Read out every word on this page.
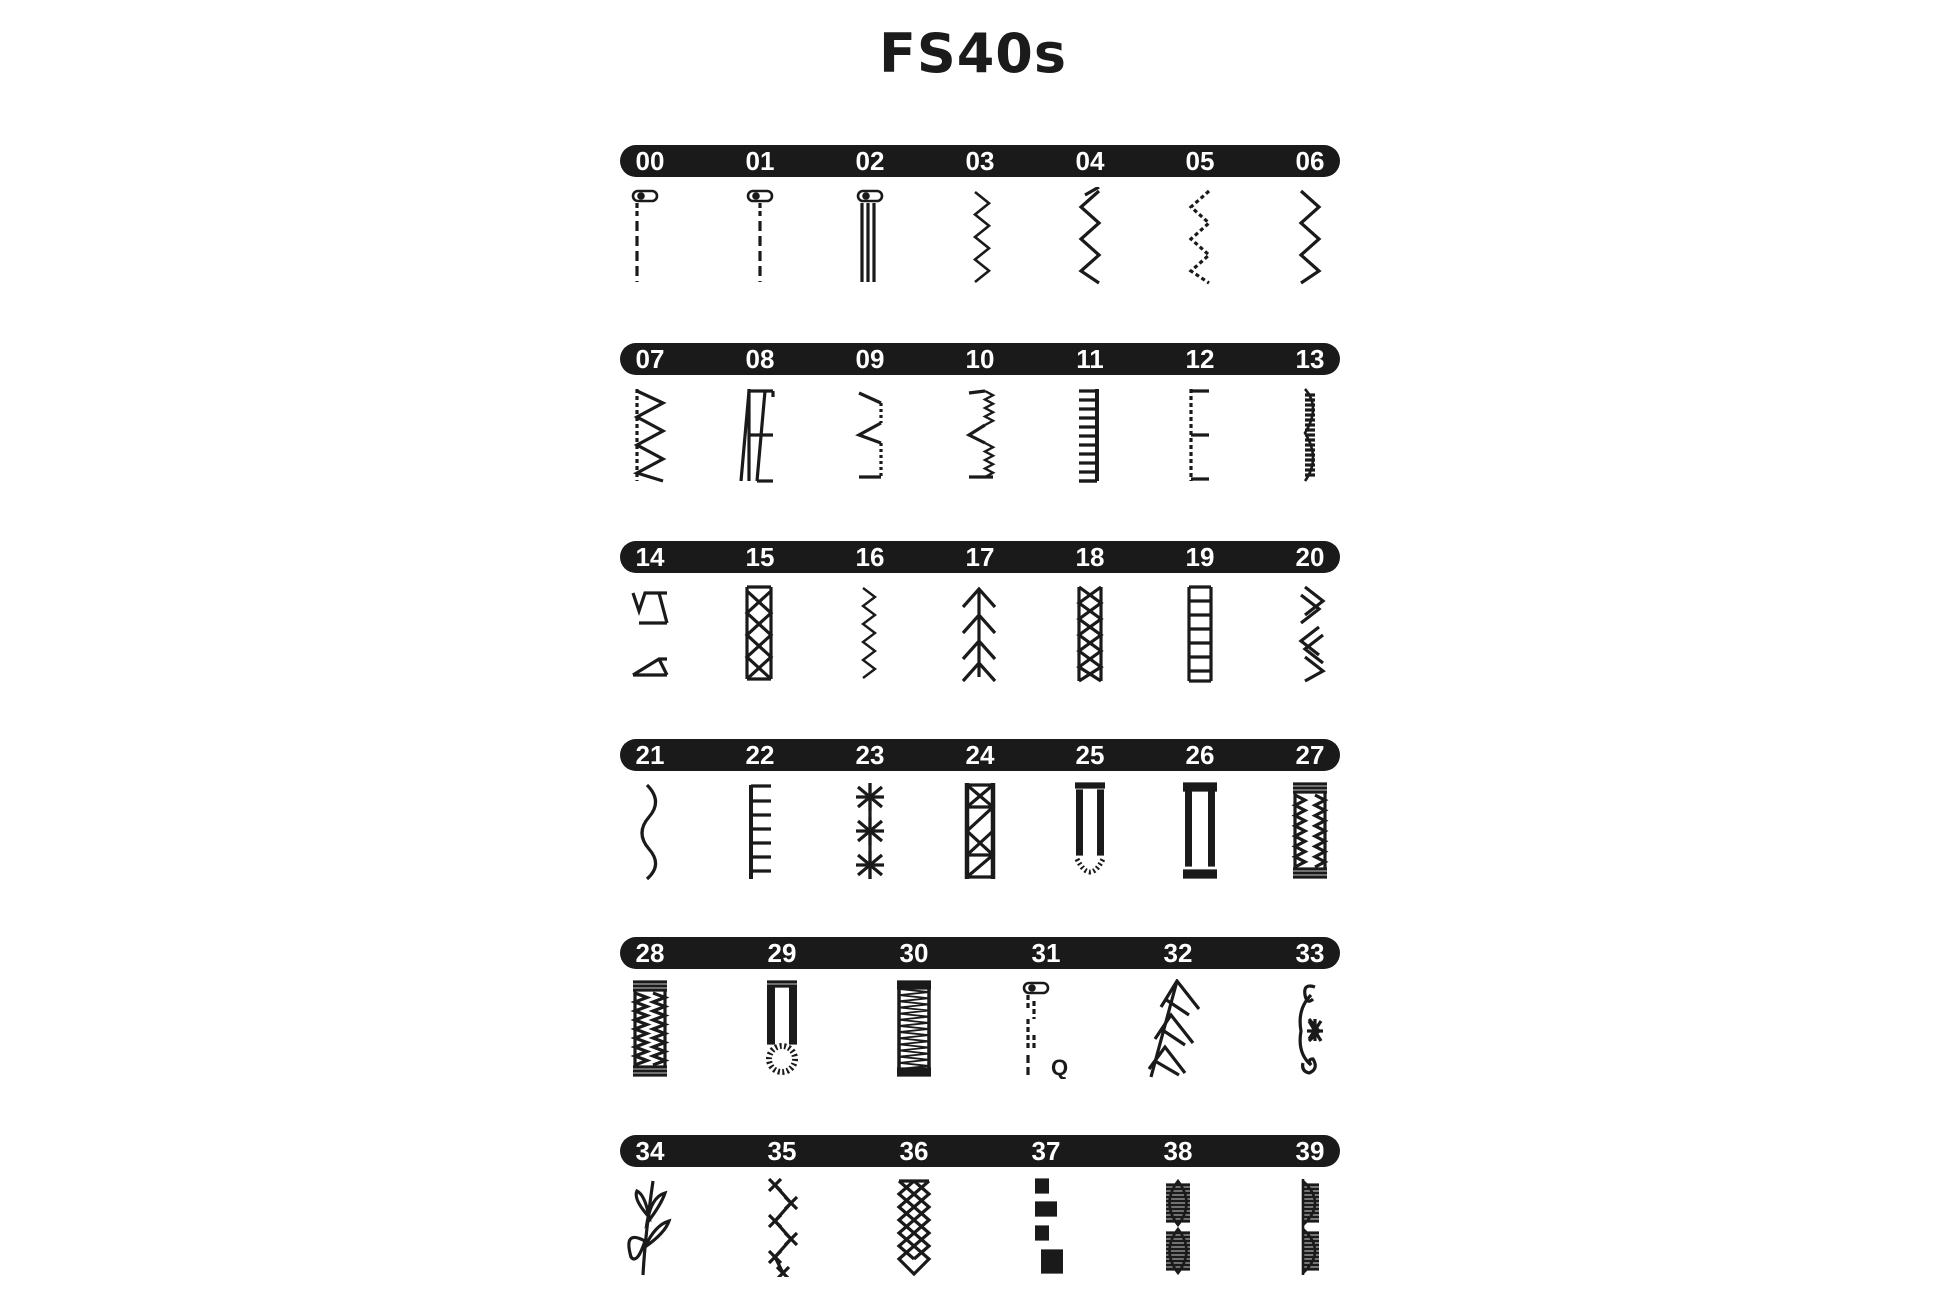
FS40s
00	01	02	03	04	05	06
07	08	09	10	11	12	13
14	15	16	17	18	19	20
21	22	23	24	25	26	27
28	29	30	31	32	33
Q
34	35	36	37	38	39
